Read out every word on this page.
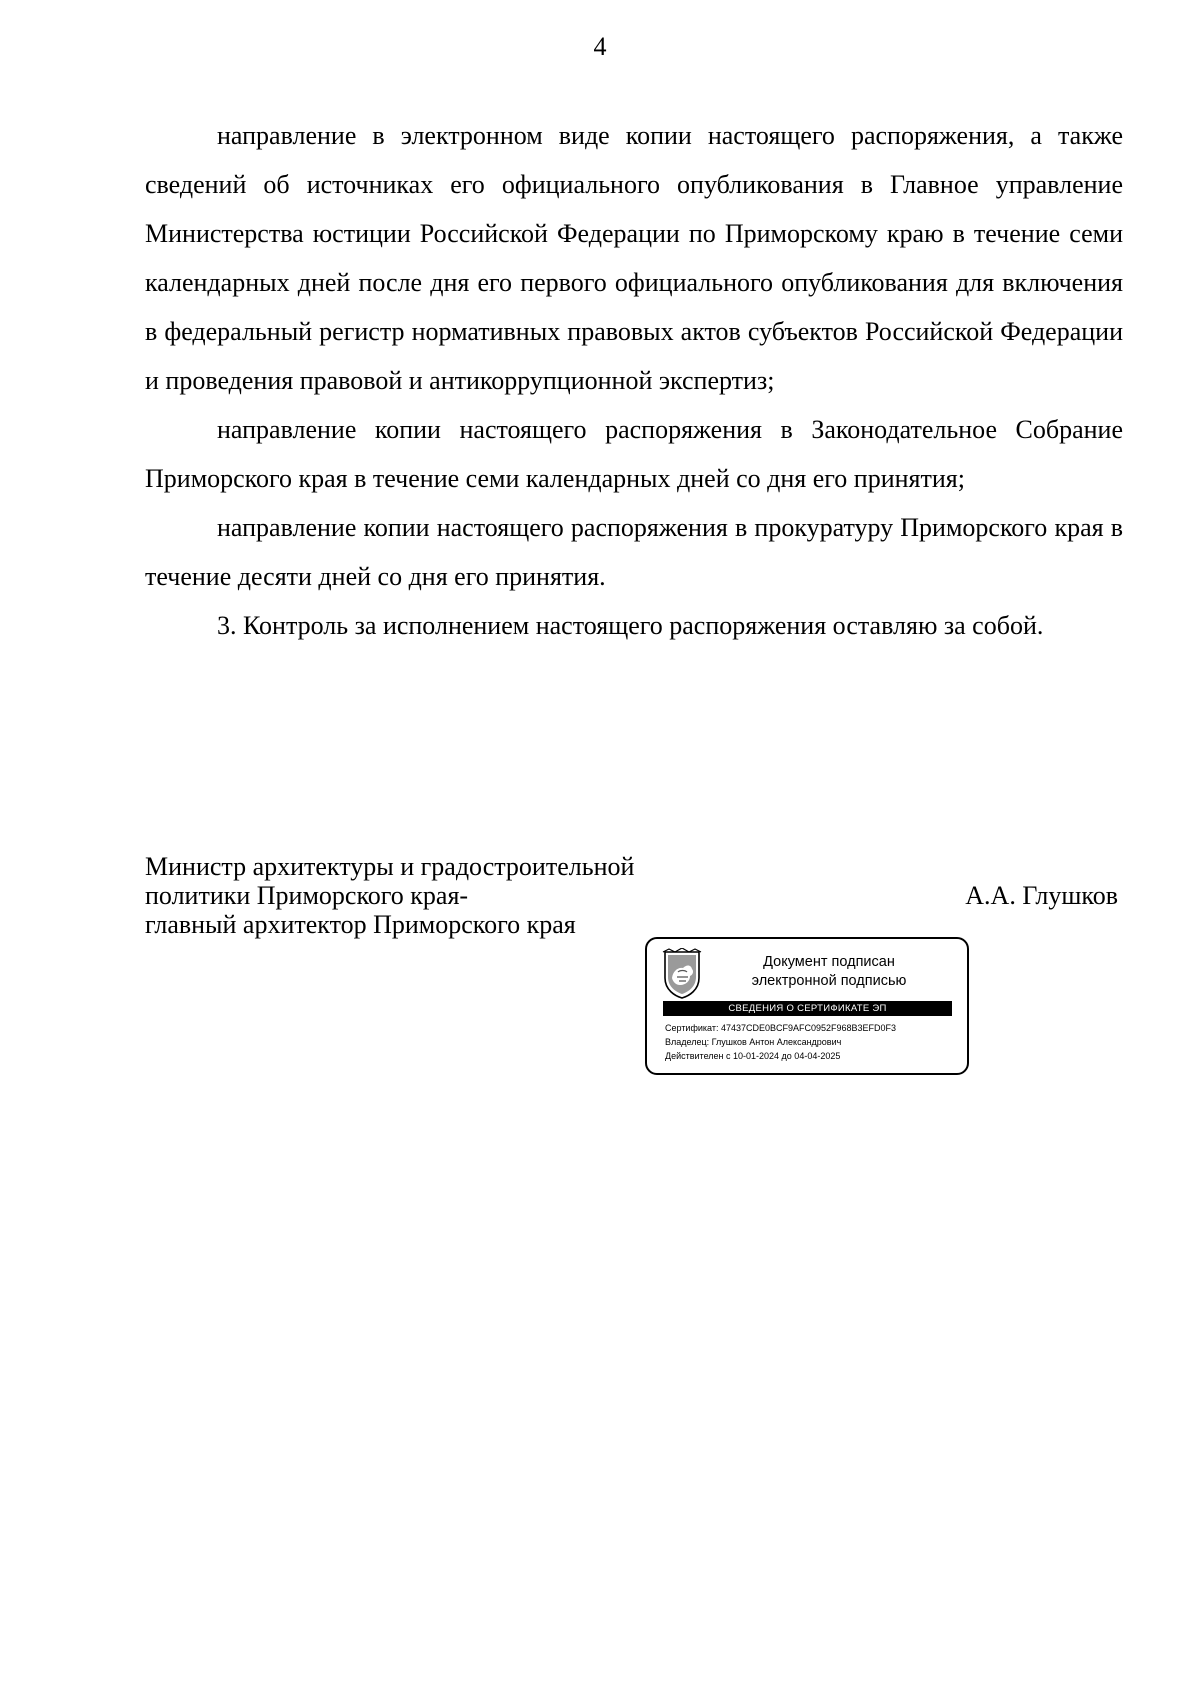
4

направление в электронном виде копии настоящего распоряжения, а также сведений об источниках его официального опубликования в Главное управление Министерства юстиции Российской Федерации по Приморскому краю в течение семи календарных дней после дня его первого официального опубликования для включения в федеральный регистр нормативных правовых актов субъектов Российской Федерации и проведения правовой и антикоррупционной экспертиз;

направление копии настоящего распоряжения в Законодательное Собрание Приморского края в течение семи календарных дней со дня его принятия;

направление копии настоящего распоряжения в прокуратуру Приморского края в течение десяти дней со дня его принятия.

3. Контроль за исполнением настоящего распоряжения оставляю за собой.

Министр архитектуры и градостроительной
политики Приморского края-
главный архитектор Приморского края
А.А. Глушков
Документ подписан
электронной подписью
СВЕДЕНИЯ О СЕРТИФИКАТЕ ЭП
Сертификат: 47437CDE0BCF9AFC0952F968B3EFD0F3
Владелец: Глушков Антон Александрович
Действителен с 10-01-2024 до 04-04-2025
